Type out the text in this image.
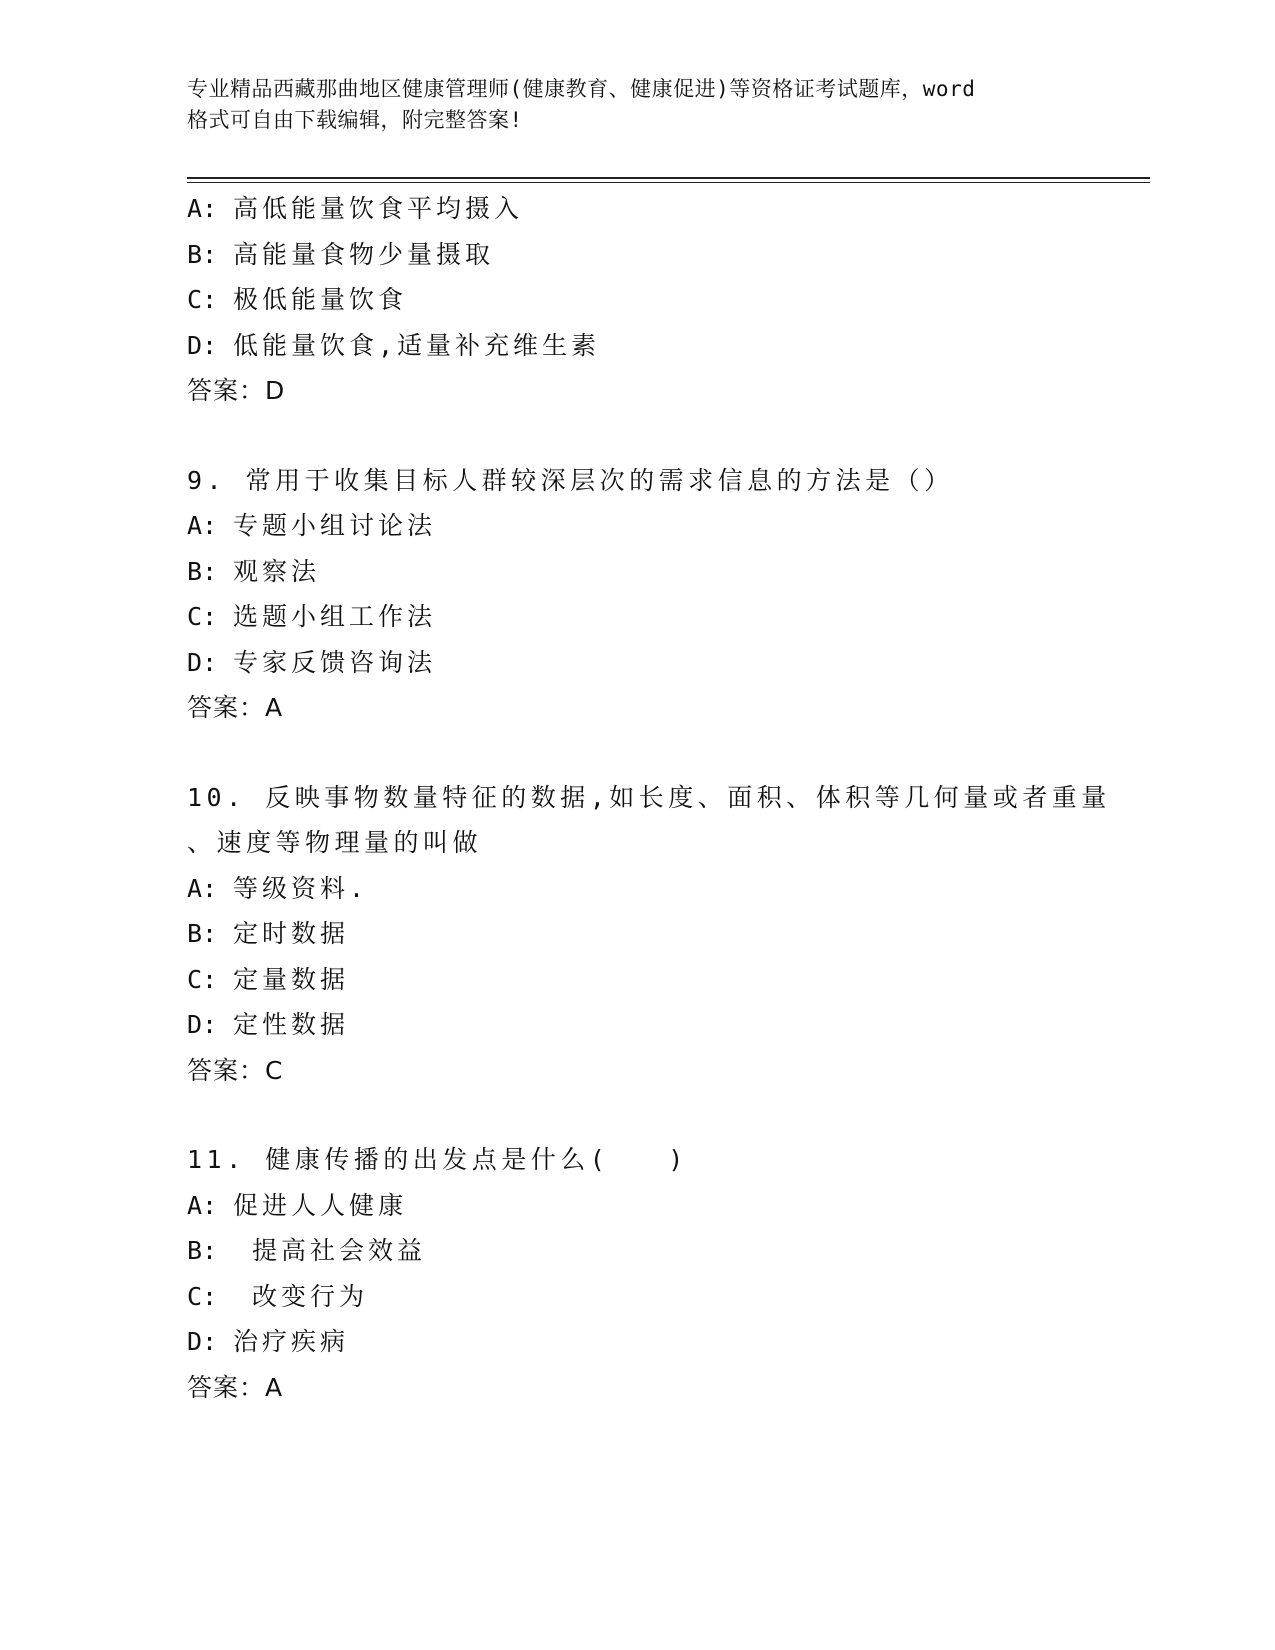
专业精品西藏那曲地区健康管理师(健康教育、健康促进)等资格证考试题库，word
格式可自由下载编辑，附完整答案!
A: 高低能量饮食平均摄入
B: 高能量食物少量摄取
C: 极低能量饮食
D: 低能量饮食,适量补充维生素
答案：D
9. 常用于收集目标人群较深层次的需求信息的方法是（）
A: 专题小组讨论法
B: 观察法
C: 选题小组工作法
D: 专家反馈咨询法
答案：A
10. 反映事物数量特征的数据,如长度、面积、体积等几何量或者重量
、速度等物理量的叫做
A: 等级资料.
B: 定时数据
C: 定量数据
D: 定性数据
答案：C
11. 健康传播的出发点是什么(　　)
A: 促进人人健康
B: 提高社会效益
C: 改变行为
D: 治疗疾病
答案：A
